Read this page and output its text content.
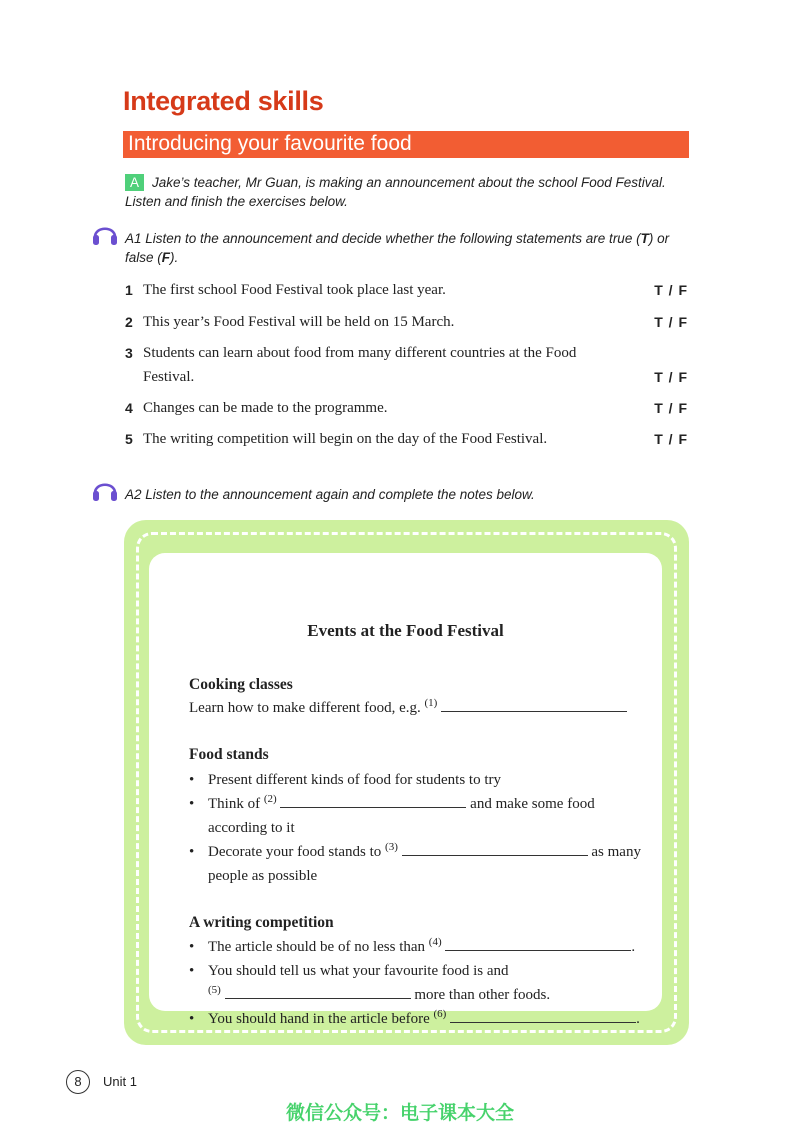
Integrated skills
Introducing your favourite food
A Jake’s teacher, Mr Guan, is making an announcement about the school Food Festival. Listen and finish the exercises below.
A1 Listen to the announcement and decide whether the following statements are true (T) or false (F).
1 The first school Food Festival took place last year.	T / F
2 This year’s Food Festival will be held on 15 March.	T / F
3 Students can learn about food from many different countries at the Food Festival.	T / F
4 Changes can be made to the programme.	T / F
5 The writing competition will begin on the day of the Food Festival.	T / F
A2 Listen to the announcement again and complete the notes below.
Events at the Food Festival
Cooking classes
Learn how to make different food, e.g. $^{(1)}$
Food stands
• Present different kinds of food for students to try
• Think of $^{(2)}$	and make some food
according to it
• Decorate your food stands to $^{(3)}$	as many
people as possible
A writing competition
• The article should be of no less than $^{(4)}$	.
• You should tell us what your favourite food is and
$^{(5)}$	more than other foods.
• You should hand in the article before $^{(6)}$	.
8	Unit 1
微信公众号：电子课本大全
